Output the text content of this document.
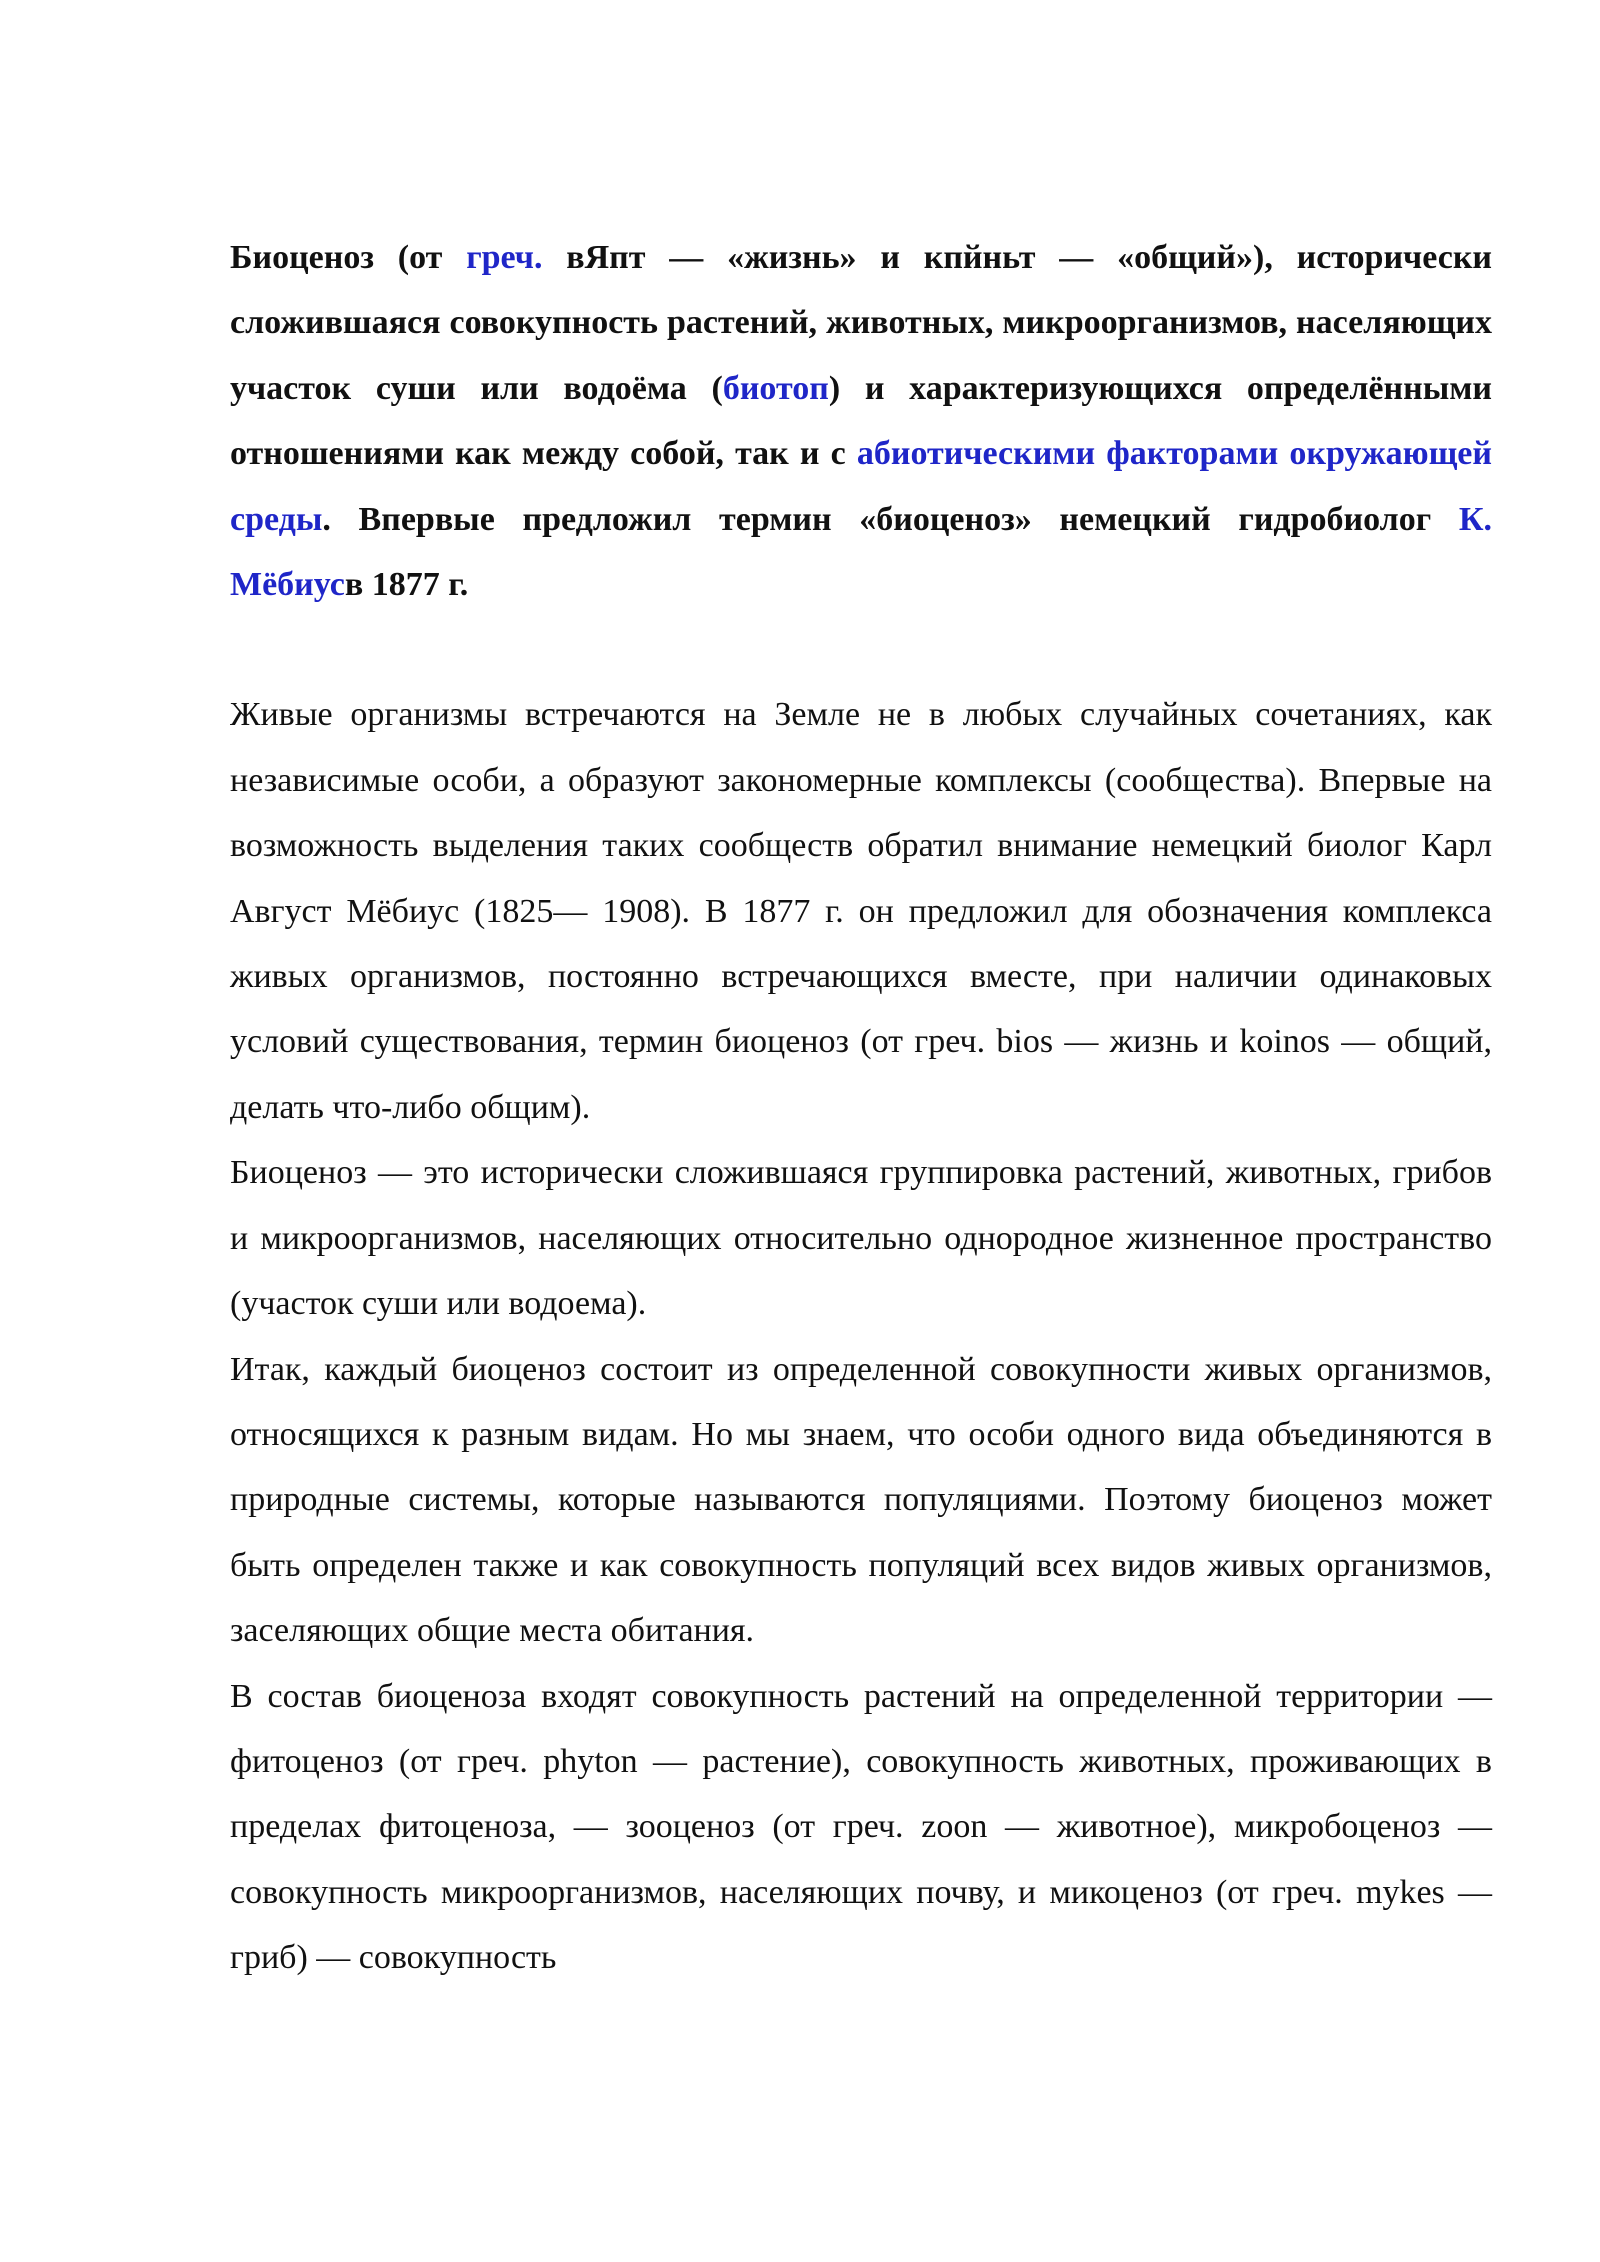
Биоценоз (от греч. вЯпт — «жизнь» и кпйньт — «общий»), исторически сложившаяся совокупность растений, животных, микроорганизмов, населяющих участок суши или водоёма (биотоп) и характеризующихся определёнными отношениями как между собой, так и с абиотическими факторами окружающей среды. Впервые предложил термин «биоценоз» немецкий гидробиолог К. Мёбиусв 1877 г.

Живые организмы встречаются на Земле не в любых случайных сочетаниях, как независимые особи, а образуют закономерные комплексы (сообщества). Впервые на возможность выделения таких сообществ обратил внимание немецкий биолог Карл Август Мёбиус (1825— 1908). В 1877 г. он предложил для обозначения комплекса живых организмов, постоянно встречающихся вместе, при наличии одинаковых условий существования, термин биоценоз (от греч. bios — жизнь и koinos — общий, делать что-либо общим).

Биоценоз — это исторически сложившаяся группировка растений, животных, грибов и микроорганизмов, населяющих относительно однородное жизненное пространство (участок суши или водоема).

Итак, каждый биоценоз состоит из определенной совокупности живых организмов, относящихся к разным видам. Но мы знаем, что особи одного вида объединяются в природные системы, которые называются популяциями. Поэтому биоценоз может быть определен также и как совокупность популяций всех видов живых организмов, заселяющих общие места обитания.

В состав биоценоза входят совокупность растений на определенной территории —фитоценоз (от греч. phyton — растение), совокупность животных, проживающих в пределах фитоценоза, — зооценоз (от греч. zoon — животное), микробоценоз — совокупность микроорганизмов, населяющих почву, и микоценоз (от греч. mykes — гриб) — совокупность
